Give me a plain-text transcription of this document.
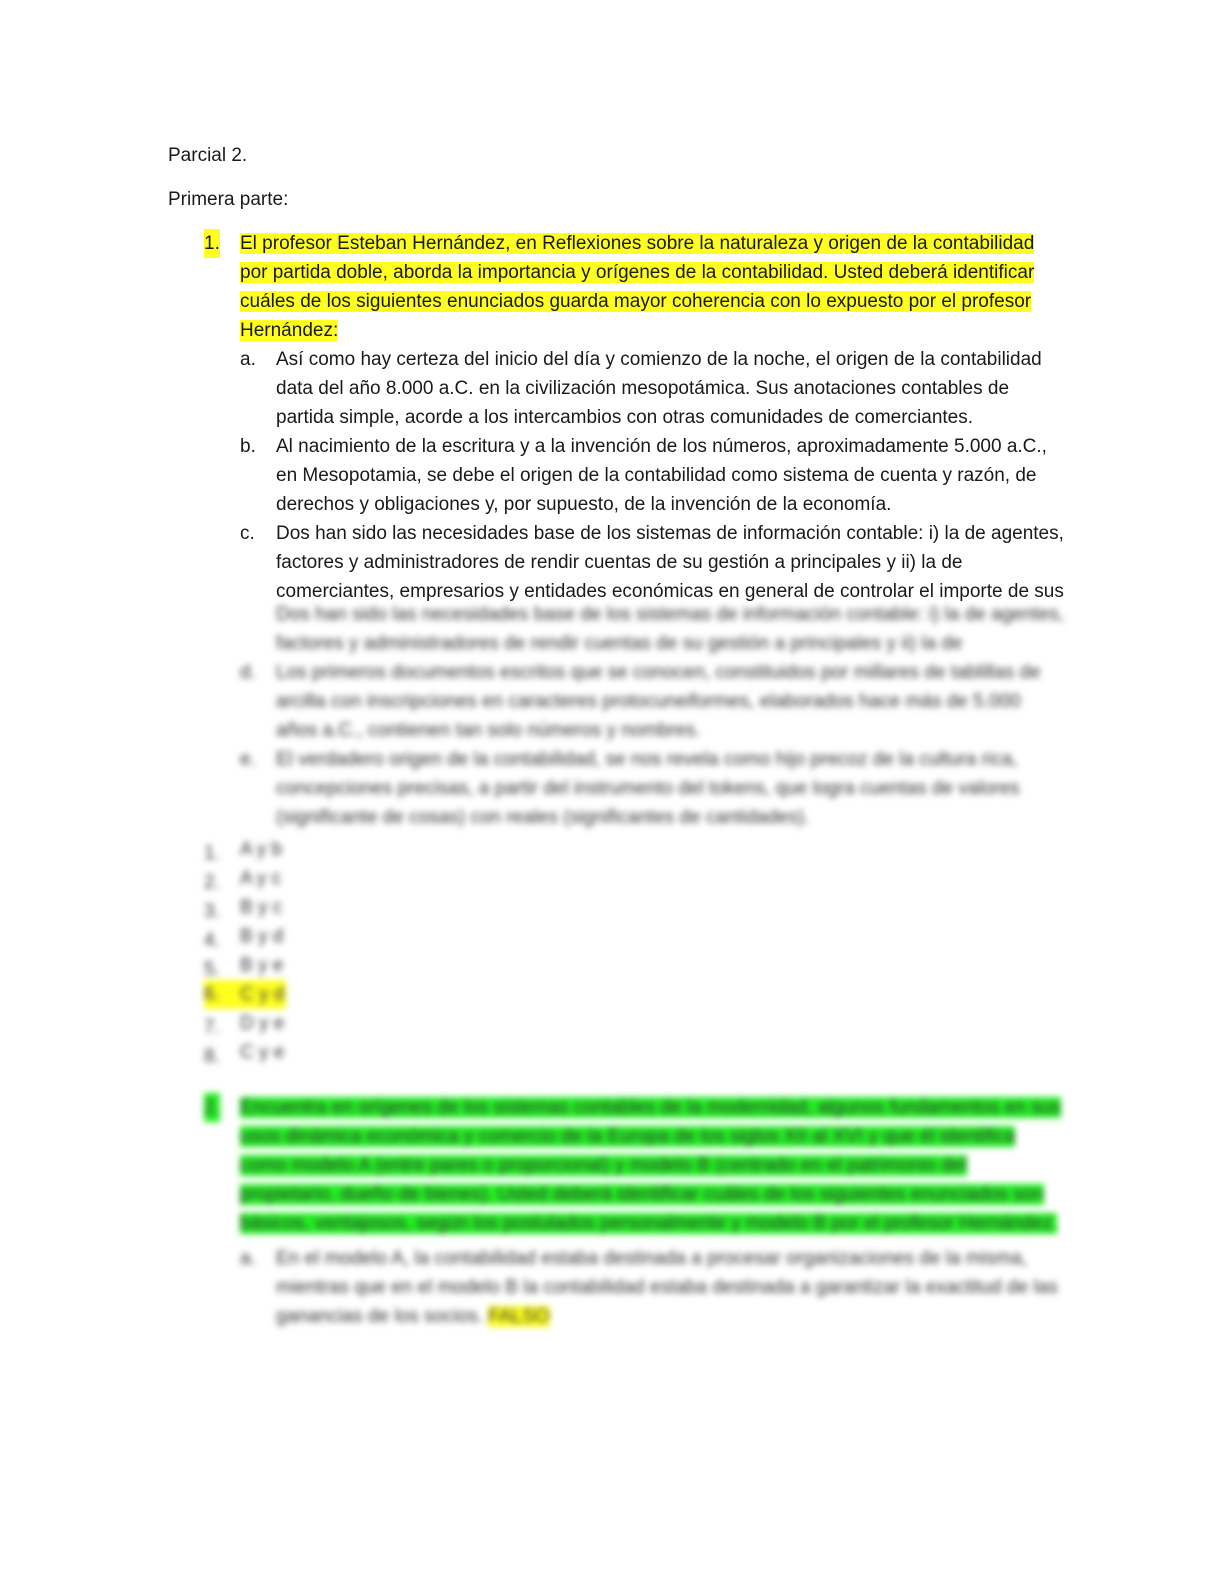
Parcial 2.
Primera parte:
1. El profesor Esteban Hernández, en Reflexiones sobre la naturaleza y origen de la contabilidad por partida doble, aborda la importancia y orígenes de la contabilidad. Usted deberá identificar cuáles de los siguientes enunciados guarda mayor coherencia con lo expuesto por el profesor Hernández:
a. Así como hay certeza del inicio del día y comienzo de la noche, el origen de la contabilidad data del año 8.000 a.C. en la civilización mesopotámica. Sus anotaciones contables de partida simple, acorde a los intercambios con otras comunidades de comerciantes.
b. Al nacimiento de la escritura y a la invención de los números, aproximadamente 5.000 a.C., en Mesopotamia, se debe el origen de la contabilidad como sistema de cuenta y razón, de derechos y obligaciones y, por supuesto, de la invención de la economía.
c. Dos han sido las necesidades base de los sistemas de información contable: i) la de agentes, factores y administradores de rendir cuentas de su gestión a principales y ii) la de comerciantes, empresarios y entidades económicas en general de controlar el importe de sus
Dos han sido las necesidades base de los sistemas de información contable: i) la de agentes, factores y administradores de rendir cuentas de su gestión a principales y ii) la de
d. Los primeros documentos escritos que se conocen, constituidos por millares de tablillas de arcilla con inscripciones en caracteres protocuneiformes, elaborados hace más de 5.000 años a.C., contienen tan solo números y nombres.
e. El verdadero origen de la contabilidad, se nos revela como hijo precoz de la cultura rica, concepciones precisas, a partir del instrumento del tokens, que logra cuentas de valores (significante de cosas) con reales (significantes de cantidades).
1. A y b
2. A y c
3. B y c
4. B y d
5. B y e
6. C y d
7. D y e
8. C y e
2. Encuentra en orígenes de los sistemas contables de la modernidad, algunos fundamentos en sus usos dinámica económica y comercio de la Europa de los siglos XII al XVI y que él identifica como modelo A (entre pares o proporcional) y modelo B (centrado en el patrimonio del propietario, dueño de bienes). Usted deberá identificar cuáles de los siguientes enunciados son básicos, ventajosos, según los postulados personalmente y modelo B por el profesor Hernández.
a. En el modelo A, la contabilidad estaba destinada a procesar organizaciones de la misma, mientras que en el modelo B la contabilidad estaba destinada a garantizar la exactitud de las ganancias de los socios. FALSO
